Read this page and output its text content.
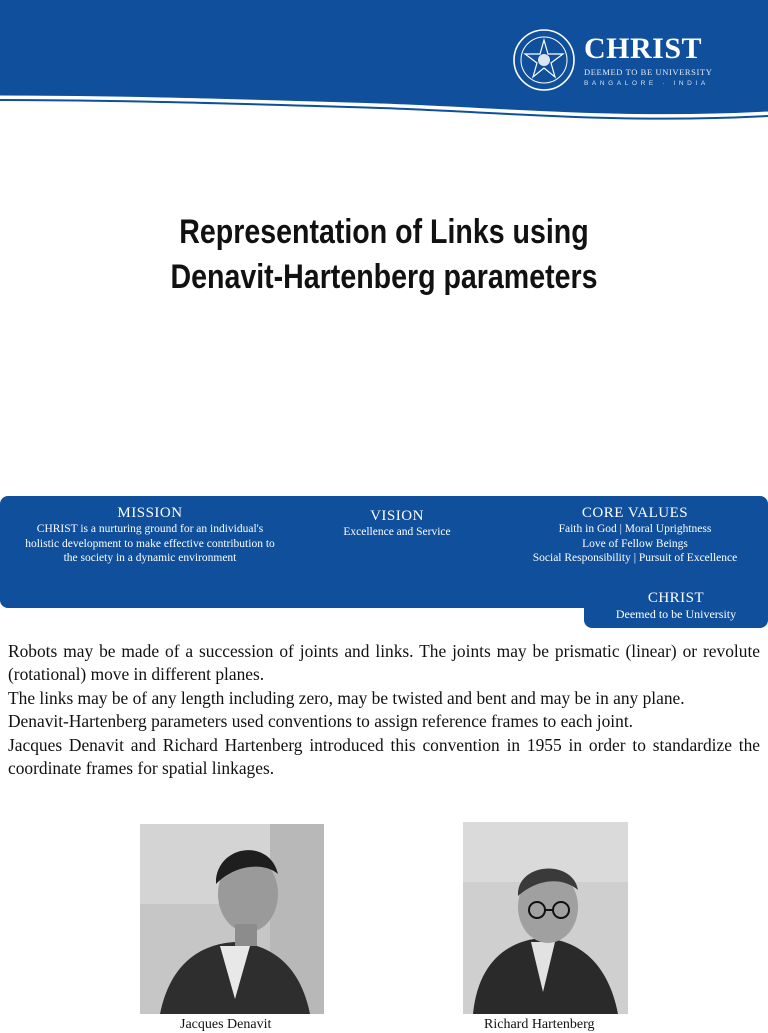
CHRIST
DEEMED TO BE UNIVERSITY
BANGALORE · INDIA
Representation of Links using
Denavit-Hartenberg parameters
MISSION

CHRIST is a nurturing ground for an individual's

holistic development to make effective contribution to

the society in a dynamic environment

VISION

Excellence and Service

CORE VALUES

Faith in God | Moral Uprightness

Love of Fellow Beings

Social Responsibility | Pursuit of Excellence

CHRIST

Deemed to be University

Robots may be made of a succession of joints and links. The joints may be prismatic (linear) or revolute (rotational) move in different planes.

The links may be of any length including zero, may be twisted and bent and may be in any plane.

Denavit-Hartenberg parameters used conventions to assign reference frames to each joint.

Jacques Denavit and Richard Hartenberg introduced this convention in 1955 in order to standardize the coordinate frames for spatial linkages.

Jacques Denavit	Richard Hartenberg
